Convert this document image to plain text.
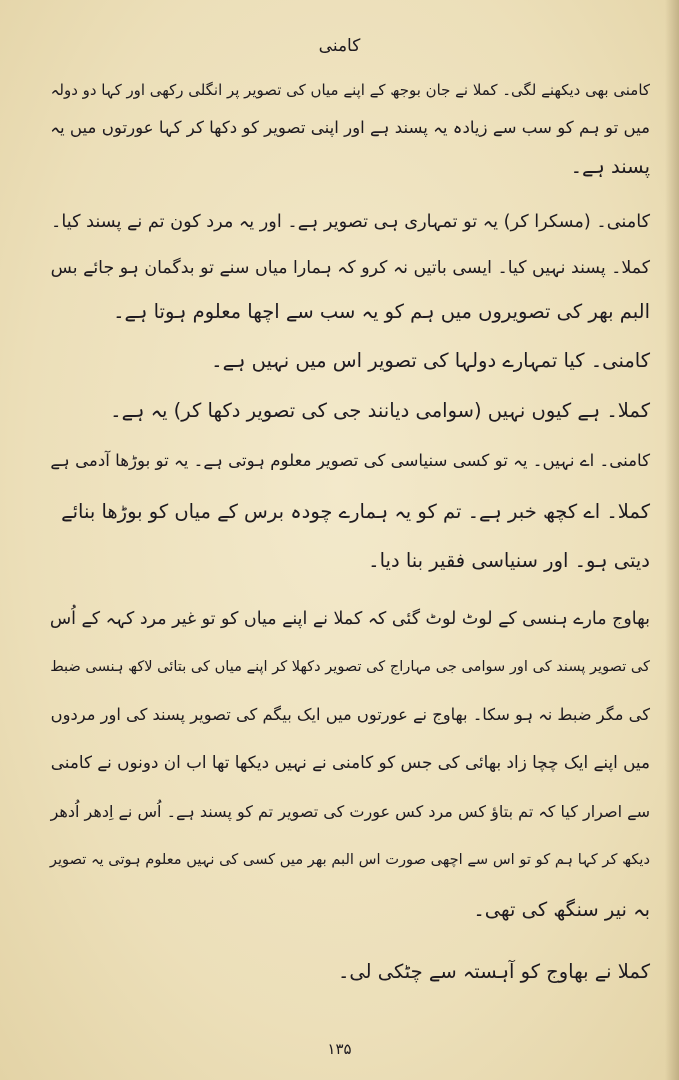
کامنی
کامنی بھی دیکھنے لگی۔ کملا نے جان بوجھ کے اپنے میاں کی تصویر پر انگلی رکھی اور کہا دو دولہ
میں تو ہم کو سب سے زیادہ یہ پسند ہے اور اپنی تصویر کو دکھا کر کہا عورتوں میں یہ
پسند ہے۔
کامنی۔ (مسکرا کر) یہ تو تمہاری ہی تصویر ہے۔ اور یہ مرد کون تم نے پسند کیا۔
کملا۔ پسند نہیں کیا۔ ایسی باتیں نہ کرو کہ ہمارا میاں سنے تو بدگمان ہو جائے بس
البم بھر کی تصویروں میں ہم کو یہ سب سے اچھا معلوم ہوتا ہے۔
کامنی۔ کیا تمہارے دولہا کی تصویر اس میں نہیں ہے۔
کملا۔ ہے کیوں نہیں (سوامی دیانند جی کی تصویر دکھا کر) یہ ہے۔
کامنی۔ اے نہیں۔ یہ تو کسی سنیاسی کی تصویر معلوم ہوتی ہے۔ یہ تو بوڑھا آدمی ہے
کملا۔ اے کچھ خبر ہے۔ تم کو یہ ہمارے چودہ برس کے میاں کو بوڑھا بنائے
دیتی ہو۔ اور سنیاسی فقیر بنا دیا۔
بھاوج مارے ہنسی کے لوٹ لوٹ گئی کہ کملا نے اپنے میاں کو تو غیر مرد کہہ کے اُس
کی تصویر پسند کی اور سوامی جی مہاراج کی تصویر دکھلا کر اپنے میاں کی بتائی لاکھ ہنسی ضبط
کی مگر ضبط نہ ہو سکا۔ بھاوج نے عورتوں میں ایک بیگم کی تصویر پسند کی اور مردوں
میں اپنے ایک چچا زاد بھائی کی جس کو کامنی نے نہیں دیکھا تھا اب ان دونوں نے کامنی
سے اصرار کیا کہ تم بتاؤ کس مرد کس عورت کی تصویر تم کو پسند ہے۔ اُس نے اِدھر اُدھر
دیکھ کر کہا ہم کو تو اس سے اچھی صورت اس البم بھر میں کسی کی نہیں معلوم ہوتی یہ تصویر
بہ نیر سنگھ کی تھی۔
کملا نے بھاوج کو آہستہ سے چٹکی لی۔
۱۳۵
